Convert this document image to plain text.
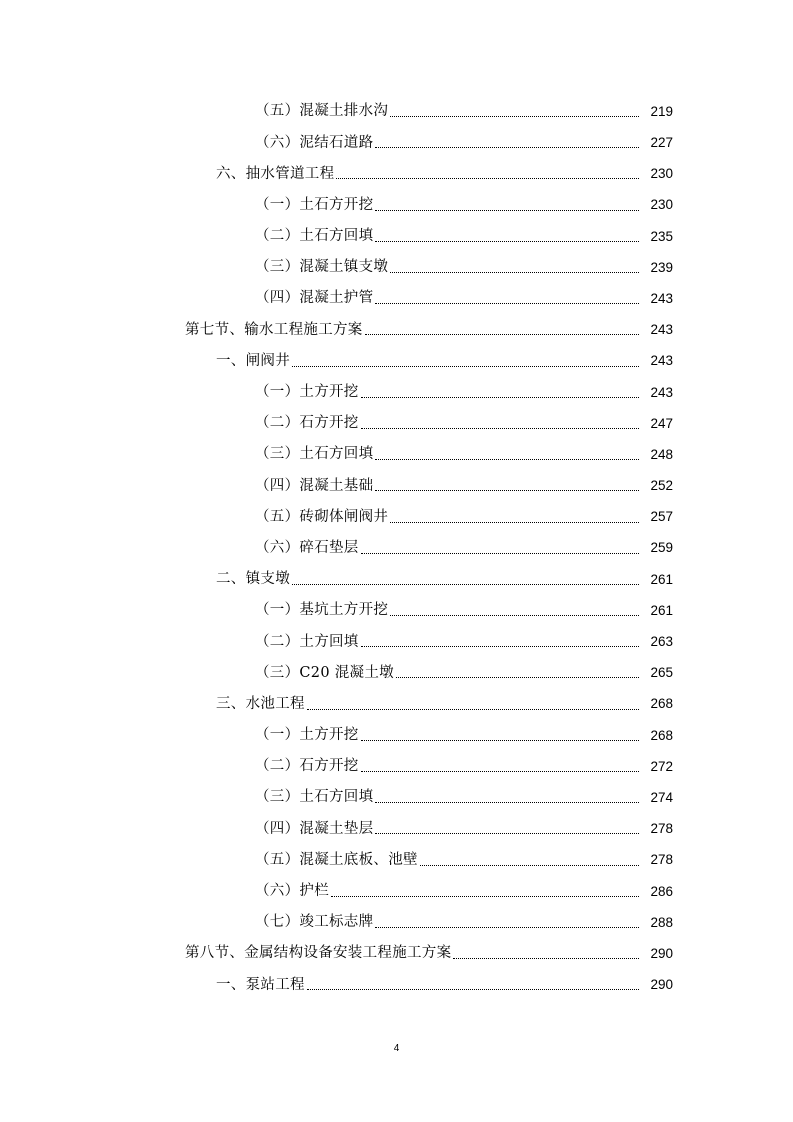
（五）混凝土排水沟	219
（六）泥结石道路	227
六、抽水管道工程	230
（一）土石方开挖	230
（二）土石方回填	235
（三）混凝土镇支墩	239
（四）混凝土护管	243
第七节、输水工程施工方案	243
一、闸阀井	243
（一）土方开挖	243
（二）石方开挖	247
（三）土石方回填	248
（四）混凝土基础	252
（五）砖砌体闸阀井	257
（六）碎石垫层	259
二、镇支墩	261
（一）基坑土方开挖	261
（二）土方回填	263
（三）C20 混凝土墩	265
三、水池工程	268
（一）土方开挖	268
（二）石方开挖	272
（三）土石方回填	274
（四）混凝土垫层	278
（五）混凝土底板、池壁	278
（六）护栏	286
（七）竣工标志牌	288
第八节、金属结构设备安装工程施工方案	290
一、泵站工程	290
4
